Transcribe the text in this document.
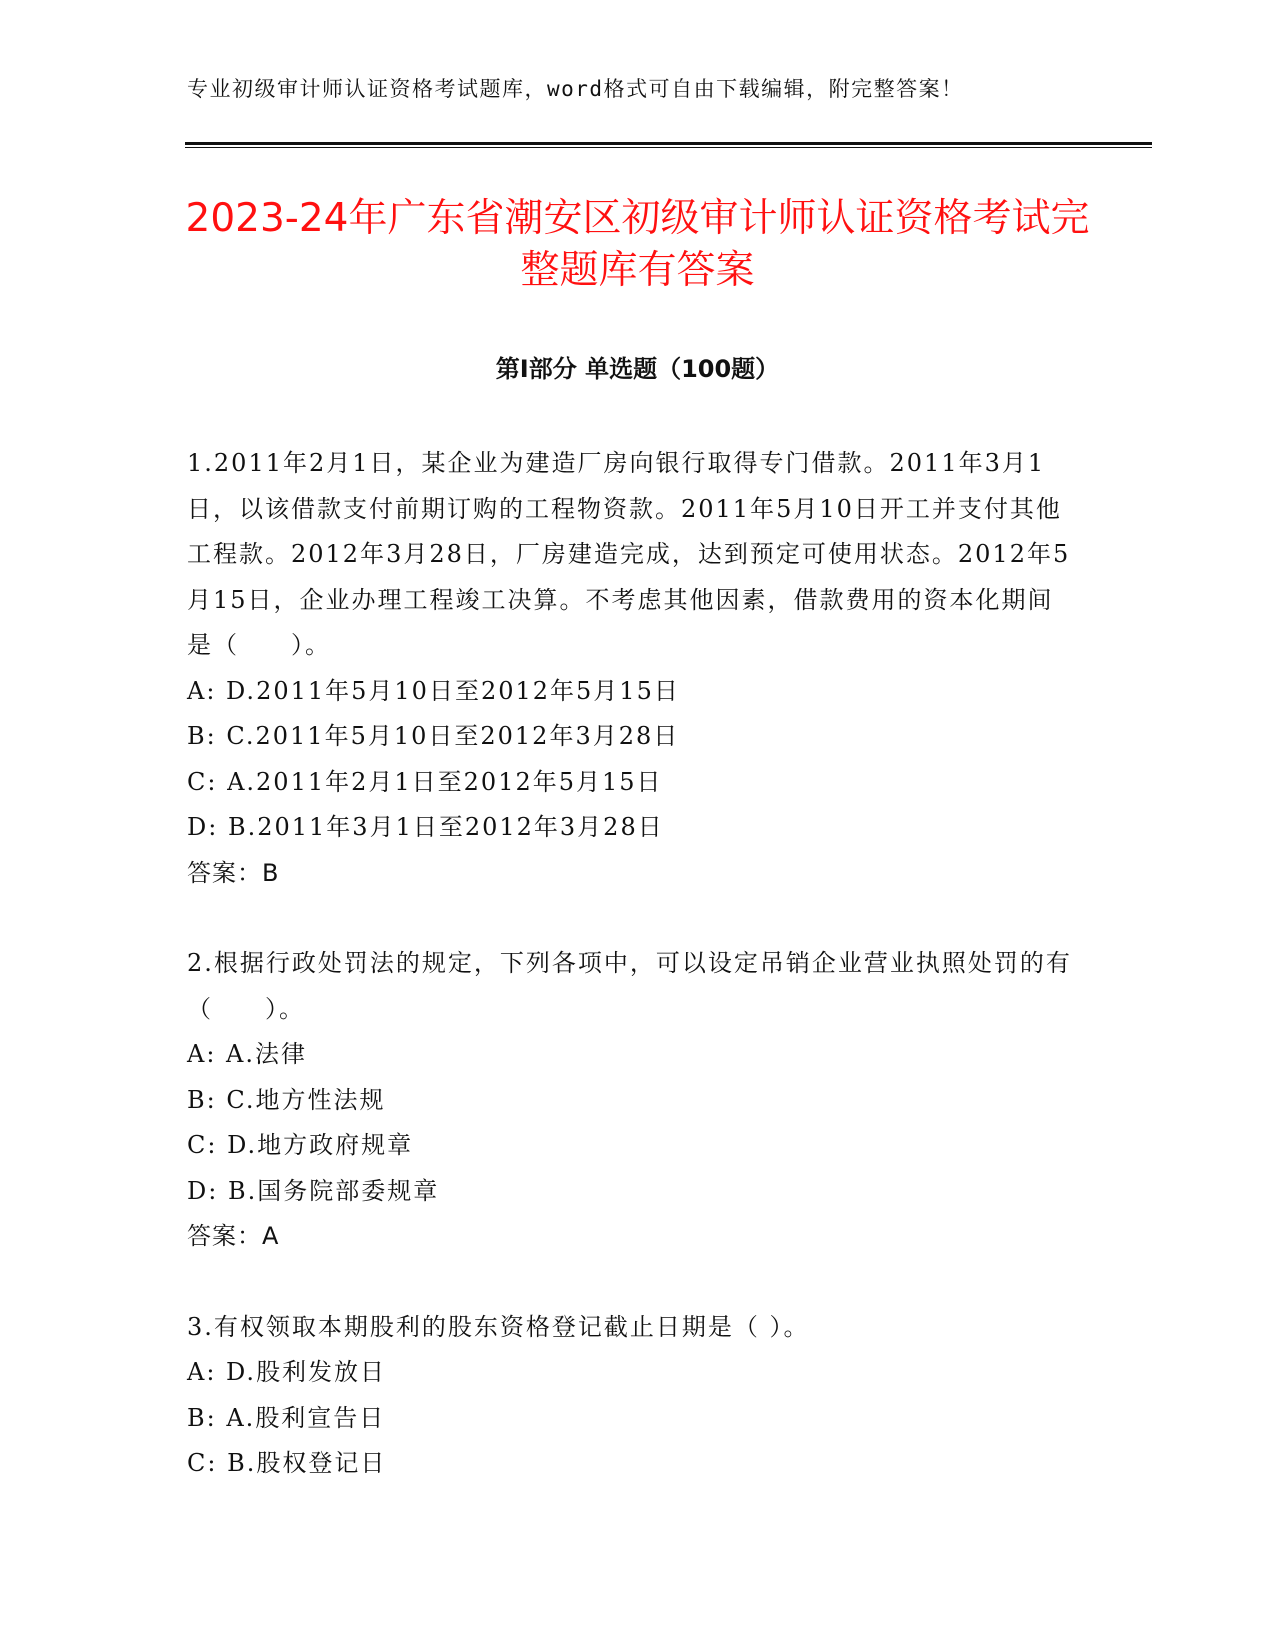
专业初级审计师认证资格考试题库，word格式可自由下载编辑，附完整答案！
2023-24年广东省潮安区初级审计师认证资格考试完整题库有答案
第Ⅰ部分 单选题（100题）

1.2011年2月1日，某企业为建造厂房向银行取得专门借款。2011年3月1日，以该借款支付前期订购的工程物资款。2011年5月10日开工并支付其他工程款。2012年3月28日，厂房建造完成，达到预定可使用状态。2012年5月15日，企业办理工程竣工决算。不考虑其他因素，借款费用的资本化期间是（　　）。

A: D.2011年5月10日至2012年5月15日

B: C.2011年5月10日至2012年3月28日

C: A.2011年2月1日至2012年5月15日

D: B.2011年3月1日至2012年3月28日

答案：B

2.根据行政处罚法的规定，下列各项中，可以设定吊销企业营业执照处罚的有（　　）。

A: A.法律

B: C.地方性法规

C: D.地方政府规章

D: B.国务院部委规章

答案：A

3.有权领取本期股利的股东资格登记截止日期是（ ）。

A: D.股利发放日

B: A.股利宣告日

C: B.股权登记日
